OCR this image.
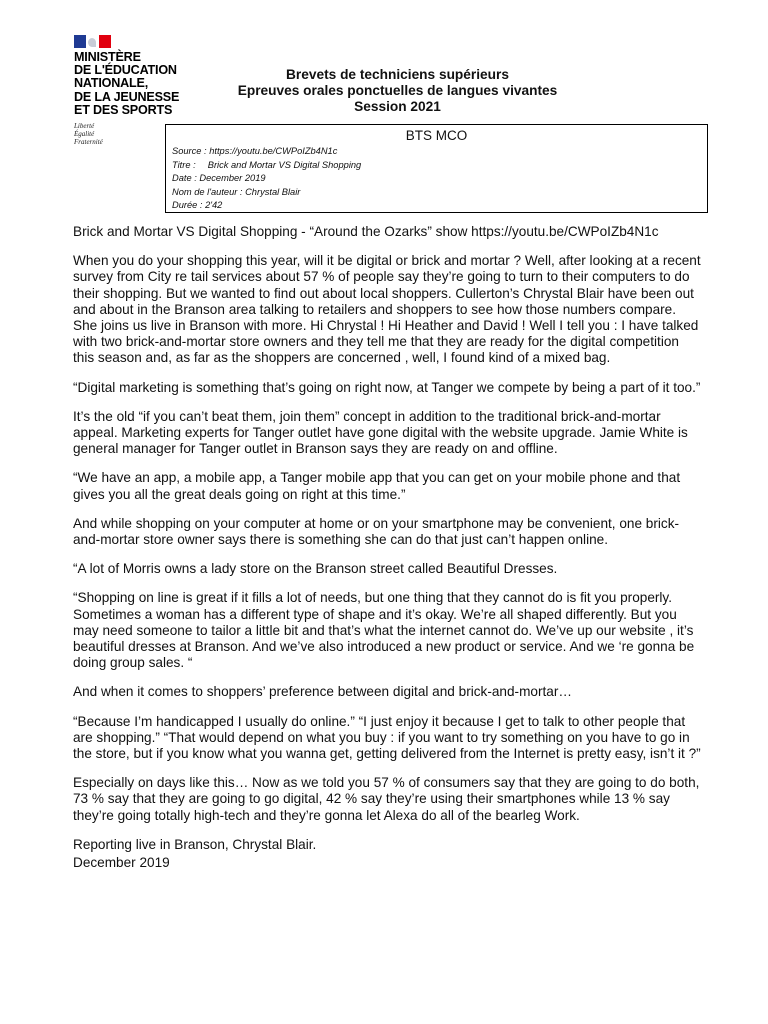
MINISTÈRE
DE L'ÉDUCATION
NATIONALE,
DE LA JEUNESSE
ET DES SPORTS
Liberté
Égalité
Fraternité
Brevets de techniciens supérieurs
Epreuves orales ponctuelles de langues vivantes
Session 2021
BTS MCO
Source : https://youtu.be/CWPoIZb4N1c
Titre : Brick and Mortar VS Digital Shopping
Date : December 2019
Nom de l'auteur : Chrystal Blair
Durée : 2'42

Brick and Mortar VS Digital Shopping - “Around the Ozarks” show https://youtu.be/CWPoIZb4N1c

When you do your shopping this year, will it be digital or brick and mortar ? Well, after looking at a recent survey from City re tail services about 57 % of people say they’re going to turn to their computers to do their shopping. But we wanted to find out about local shoppers. Cullerton’s Chrystal Blair have been out and about in the Branson area talking to retailers and shoppers to see how those numbers compare. She joins us live in Branson with more. Hi Chrystal ! Hi Heather and David ! Well I tell you : I have talked with two brick-and-mortar store owners and they tell me that they are ready for the digital competition this season and, as far as the shoppers are concerned , well, I found kind of a mixed bag.

“Digital marketing is something that’s going on right now, at Tanger we compete by being a part of it too.”

It’s the old “if you can’t beat them, join them” concept in addition to the traditional brick-and-mortar appeal. Marketing experts for Tanger outlet have gone digital with the website upgrade. Jamie White is general manager for Tanger outlet in Branson says they are ready on and offline.

“We have an app, a mobile app, a Tanger mobile app that you can get on your mobile phone and that gives you all the great deals going on right at this time.”

And while shopping on your computer at home or on your smartphone may be convenient, one brick-and-mortar store owner says there is something she can do that just can’t happen online.

“A lot of Morris owns a lady store on the Branson street called Beautiful Dresses.

“Shopping on line is great if it fills a lot of needs, but one thing that they cannot do is fit you properly. Sometimes a woman has a different type of shape and it’s okay. We’re all shaped differently. But you may need someone to tailor a little bit and that’s what the internet cannot do. We’ve up our website , it’s beautiful dresses at Branson. And we’ve also introduced a new product or service. And we ‘re gonna be doing group sales. “

And when it comes to shoppers’ preference between digital and brick-and-mortar…

“Because I’m handicapped I usually do online.” “I just enjoy it because I get to talk to other people that are shopping.” “That would depend on what you buy : if you want to try something on you have to go in the store, but if you know what you wanna get, getting delivered from the Internet is pretty easy, isn’t it ?”

Especially on days like this… Now as we told you 57 % of consumers say that they are going to do both, 73 % say that they are going to go digital, 42 % say they’re using their smartphones while 13 % say they’re going totally high-tech and they’re gonna let Alexa do all of the bearleg Work.

Reporting live in Branson, Chrystal Blair.

December 2019
